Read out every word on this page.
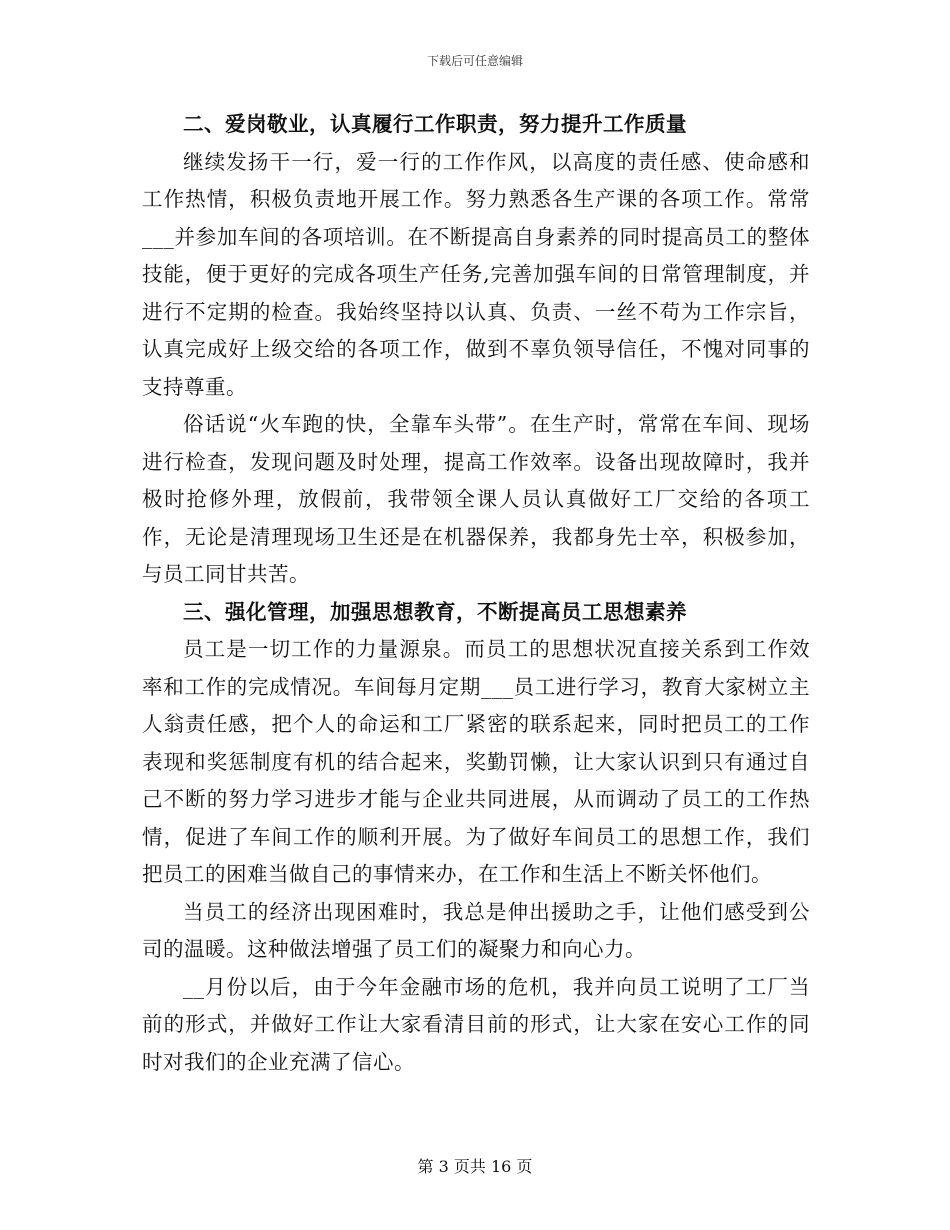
下载后可任意编辑

二、爱岗敬业，认真履行工作职责，努力提升工作质量

继续发扬干一行，爱一行的工作作风，以高度的责任感、使命感和工作热情，积极负责地开展工作。努力熟悉各生产课的各项工作。常常___并参加车间的各项培训。在不断提高自身素养的同时提高员工的整体技能，便于更好的完成各项生产任务,完善加强车间的日常管理制度，并进行不定期的检查。我始终坚持以认真、负责、一丝不苟为工作宗旨，认真完成好上级交给的各项工作，做到不辜负领导信任，不愧对同事的支持尊重。

俗话说“火车跑的快，全靠车头带”。在生产时，常常在车间、现场进行检查，发现问题及时处理，提高工作效率。设备出现故障时，我并极时抢修外理，放假前，我带领全课人员认真做好工厂交给的各项工作，无论是清理现场卫生还是在机器保养，我都身先士卒，积极参加，与员工同甘共苦。

三、强化管理，加强思想教育，不断提高员工思想素养

员工是一切工作的力量源泉。而员工的思想状况直接关系到工作效率和工作的完成情况。车间每月定期___员工进行学习，教育大家树立主人翁责任感，把个人的命运和工厂紧密的联系起来，同时把员工的工作表现和奖惩制度有机的结合起来，奖勤罚懒，让大家认识到只有通过自己不断的努力学习进步才能与企业共同进展，从而调动了员工的工作热情，促进了车间工作的顺利开展。为了做好车间员工的思想工作，我们把员工的困难当做自己的事情来办，在工作和生活上不断关怀他们。

当员工的经济出现困难时，我总是伸出援助之手，让他们感受到公司的温暖。这种做法增强了员工们的凝聚力和向心力。

__月份以后，由于今年金融市场的危机，我并向员工说明了工厂当前的形式，并做好工作让大家看清目前的形式，让大家在安心工作的同时对我们的企业充满了信心。

第 3 页共 16 页
